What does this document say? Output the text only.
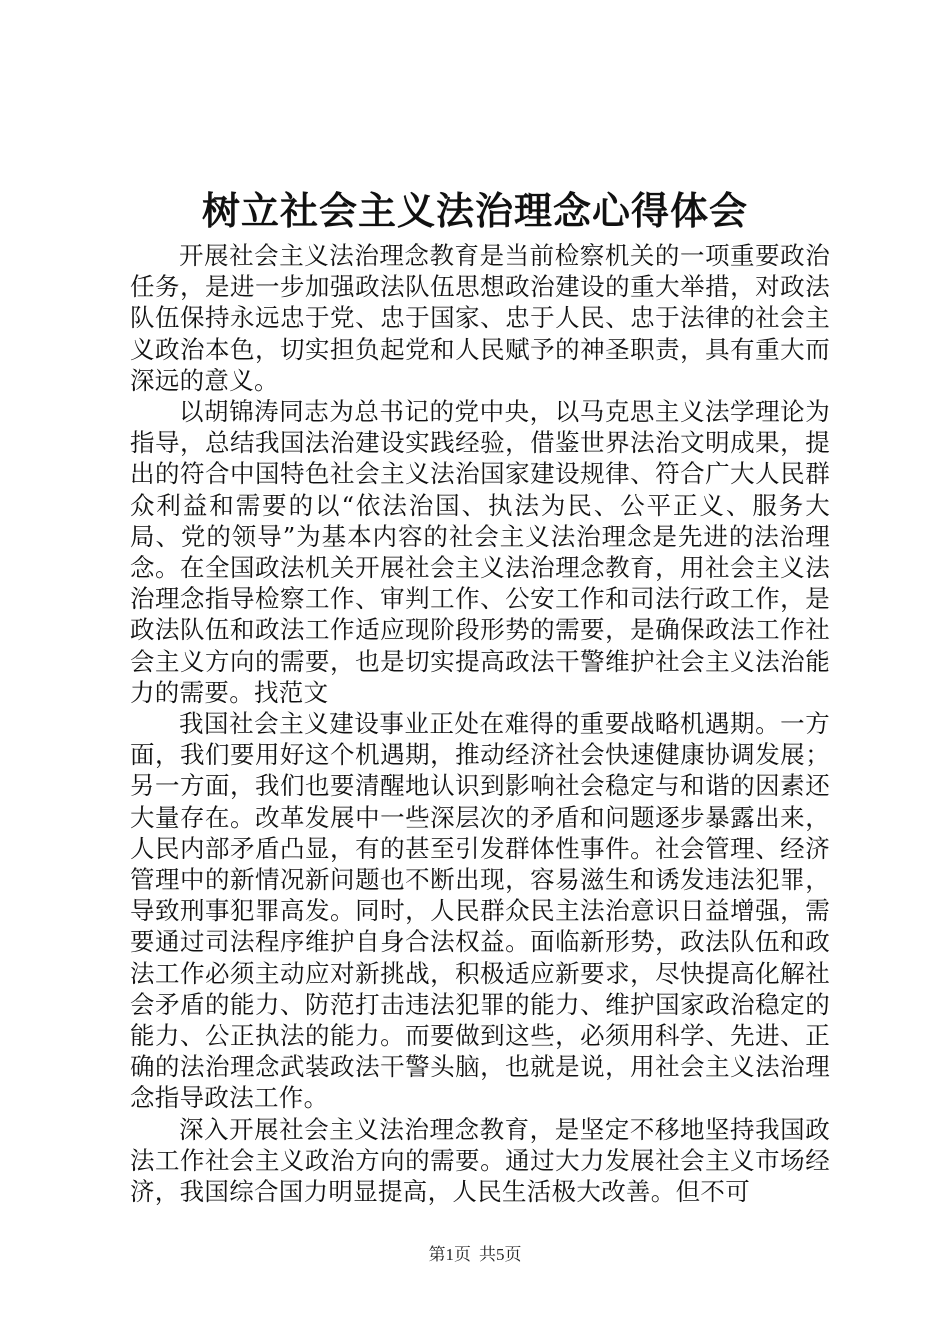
树立社会主义法治理念心得体会

开展社会主义法治理念教育是当前检察机关的一项重要政治任务，是进一步加强政法队伍思想政治建设的重大举措，对政法队伍保持永远忠于党、忠于国家、忠于人民、忠于法律的社会主义政治本色，切实担负起党和人民赋予的神圣职责，具有重大而深远的意义。

以胡锦涛同志为总书记的党中央，以马克思主义法学理论为指导，总结我国法治建设实践经验，借鉴世界法治文明成果，提出的符合中国特色社会主义法治国家建设规律、符合广大人民群众利益和需要的以“依法治国、执法为民、公平正义、服务大局、党的领导”为基本内容的社会主义法治理念是先进的法治理念。在全国政法机关开展社会主义法治理念教育，用社会主义法治理念指导检察工作、审判工作、公安工作和司法行政工作，是政法队伍和政法工作适应现阶段形势的需要，是确保政法工作社会主义方向的需要，也是切实提高政法干警维护社会主义法治能力的需要。找范文

我国社会主义建设事业正处在难得的重要战略机遇期。一方面，我们要用好这个机遇期，推动经济社会快速健康协调发展；另一方面，我们也要清醒地认识到影响社会稳定与和谐的因素还大量存在。改革发展中一些深层次的矛盾和问题逐步暴露出来，人民内部矛盾凸显，有的甚至引发群体性事件。社会管理、经济管理中的新情况新问题也不断出现，容易滋生和诱发违法犯罪，导致刑事犯罪高发。同时，人民群众民主法治意识日益增强，需要通过司法程序维护自身合法权益。面临新形势，政法队伍和政法工作必须主动应对新挑战，积极适应新要求，尽快提高化解社会矛盾的能力、防范打击违法犯罪的能力、维护国家政治稳定的能力、公正执法的能力。而要做到这些，必须用科学、先进、正确的法治理念武装政法干警头脑，也就是说，用社会主义法治理念指导政法工作。

深入开展社会主义法治理念教育，是坚定不移地坚持我国政法工作社会主义政治方向的需要。通过大力发展社会主义市场经济，我国综合国力明显提高，人民生活极大改善。但不可

第1页 共5页
